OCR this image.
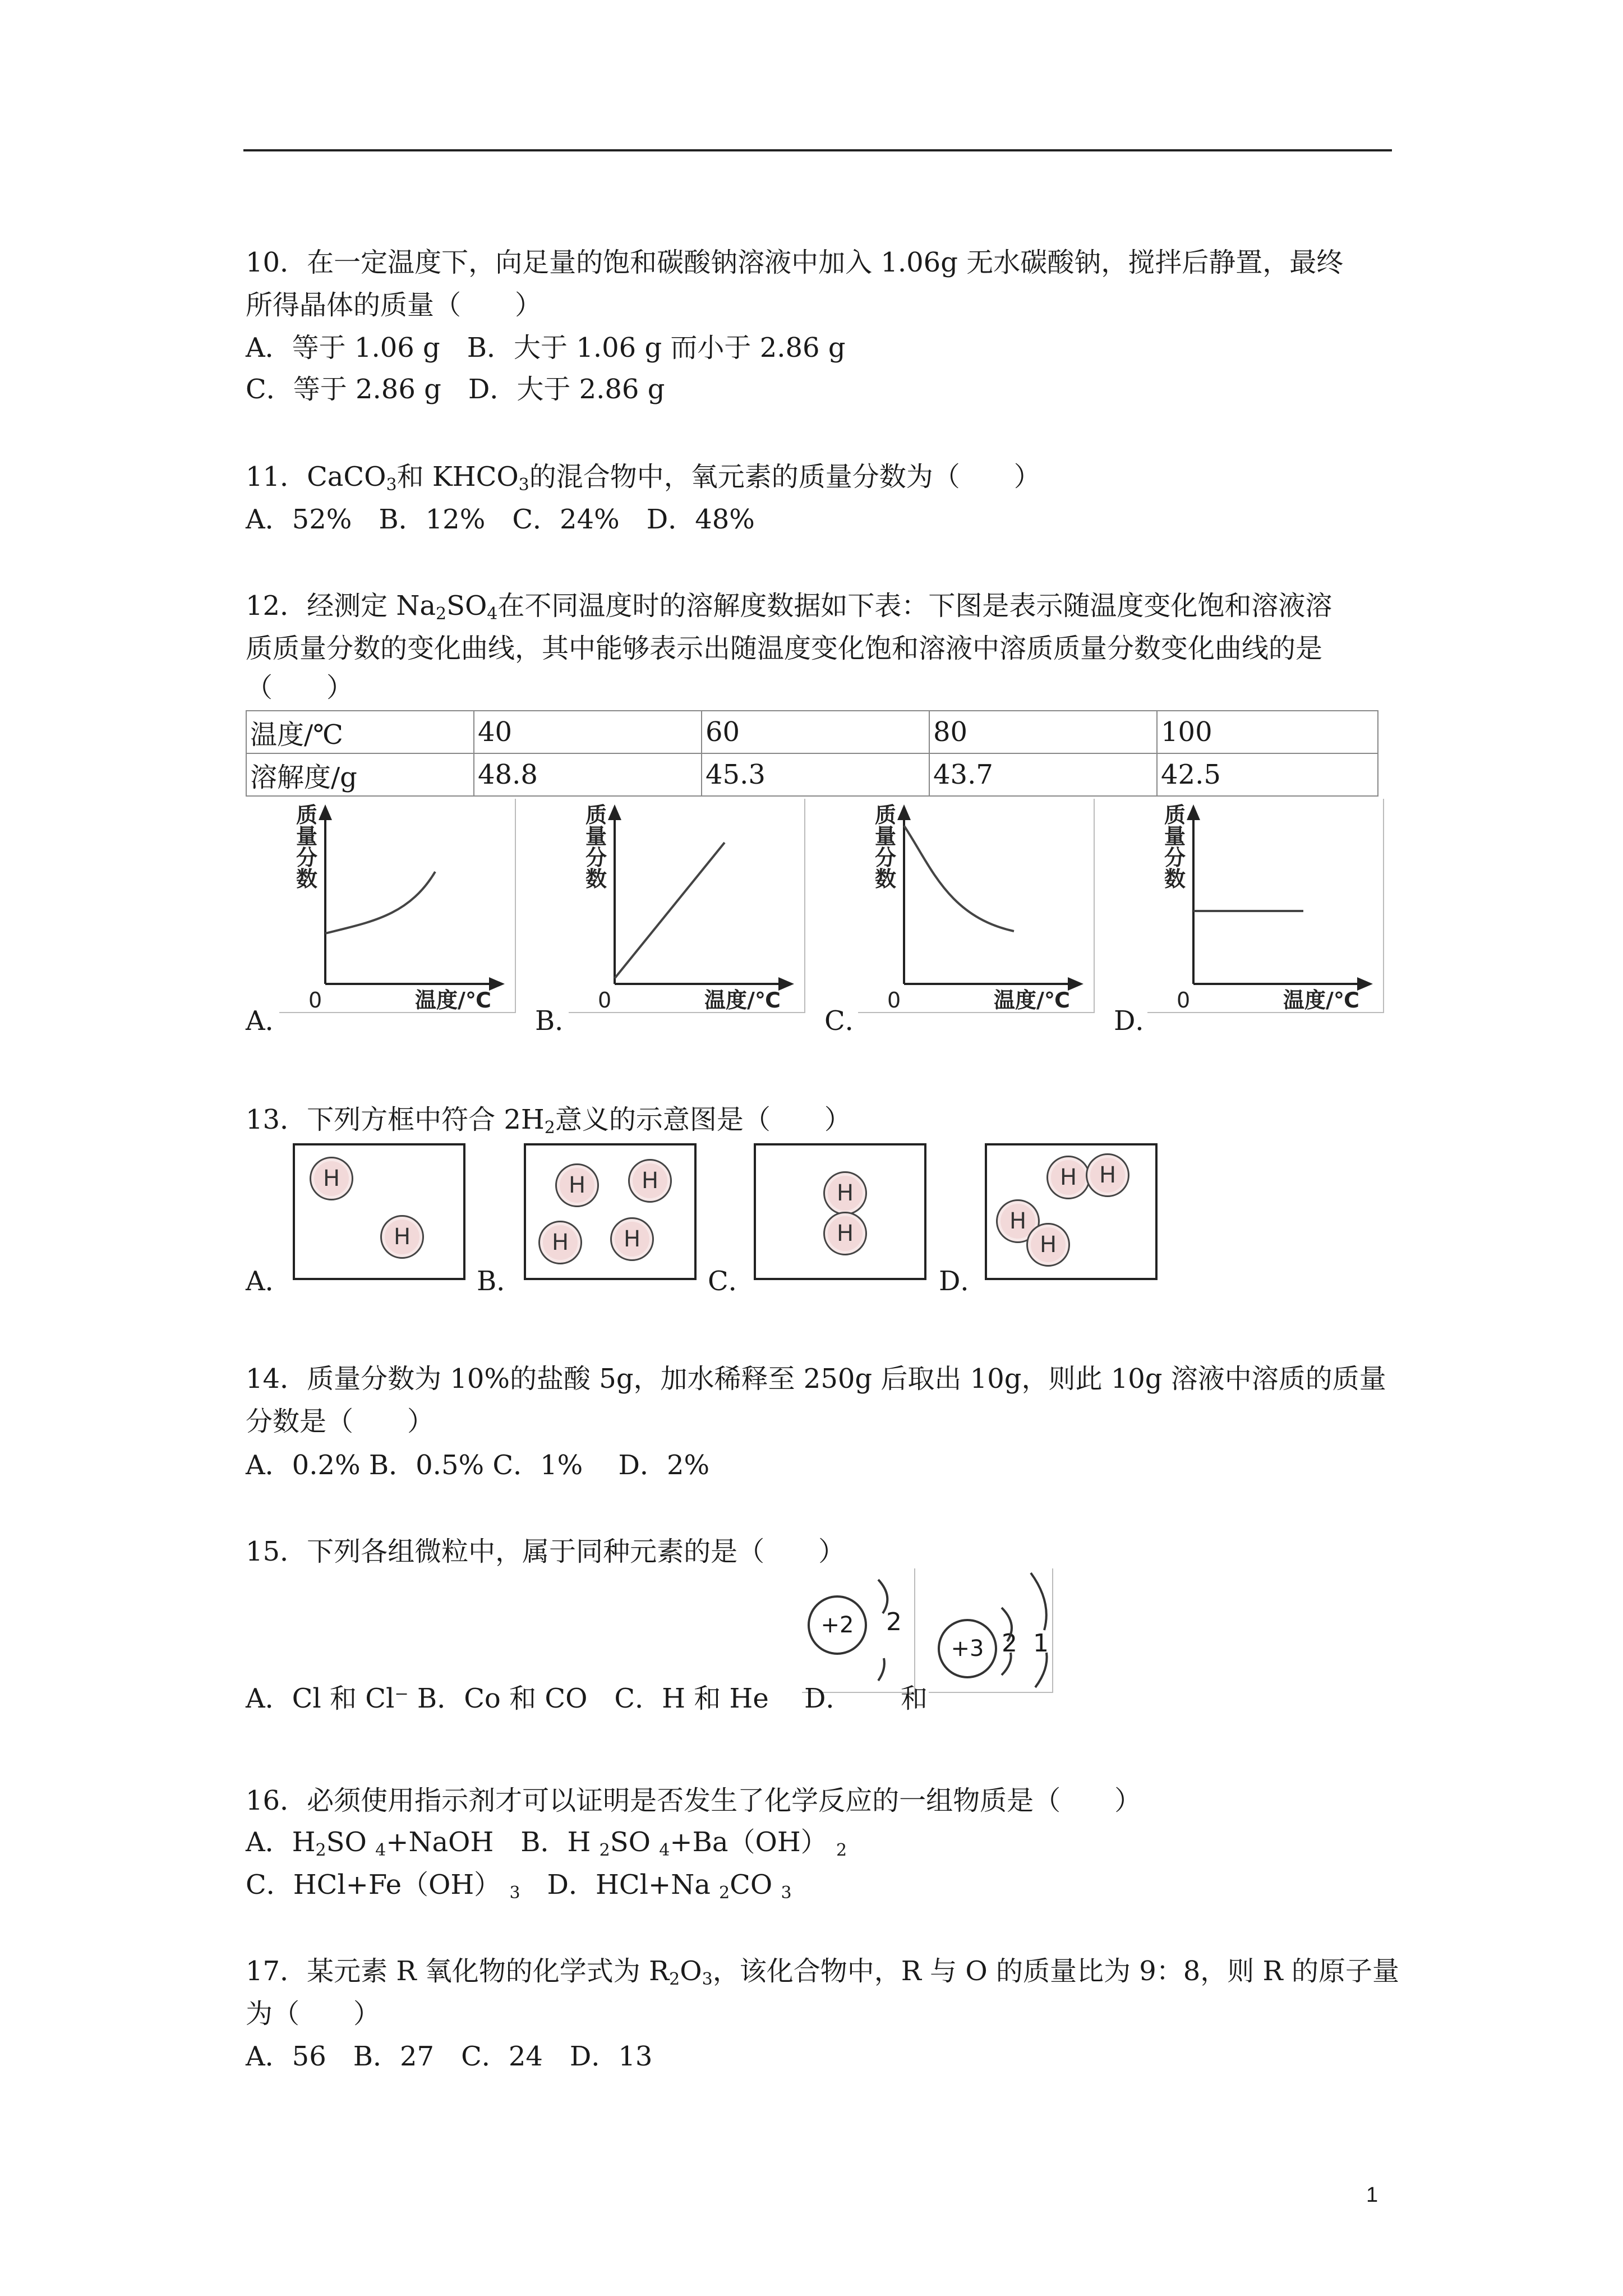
10．在一定温度下，向足量的饱和碳酸钠溶液中加入 1.06g 无水碳酸钠，搅拌后静置，最终
所得晶体的质量（　　）
A．等于 1.06 g　B．大于 1.06 g 而小于 2.86 g
C．等于 2.86 g　D．大于 2.86 g
11．CaCO$_3$和 $KHCO_3$的混合物中，氧元素的质量分数为（　　）
A．52%　B．12%　C．24%　D．48%
12．经测定 $Na_2SO_4$在不同温度时的溶解度数据如下表：下图是表示随温度变化饱和溶液溶
质质量分数的变化曲线，其中能够表示出随温度变化饱和溶液中溶质质量分数变化曲线的是
（　　）
温度/℃	40	60	80	100
溶解度/g	48.8	45.3	43.7	42.5
质
量
分
数
0	温度/℃
质
量
分
数
0	温度/℃
质
量
分
数
0	温度/℃
质
量
分
数
0	温度/℃
A．	B．	C．	D．
13．下列方框中符合 $2H_2$意义的示意图是（　　）
H
H
H	H
H	H
H
H
H H
H
H
A．	B．	C．	D．
14．质量分数为 10%的盐酸 5g，加水稀释至 250g 后取出 10g，则此 10g 溶液中溶质的质量
分数是（　　）
A．0.2% B．0.5% C．1%　 D．2%
15．下列各组微粒中，属于同种元素的是（　　）
+2	2
+3 2 1
A．Cl 和 Cl⁻ B．Co 和 CO　C．H 和 He　 D． 和
16．必须使用指示剂才可以证明是否发生了化学反应的一组物质是（　　）
A．$H_2SO$ $_4$+NaOH　B．H $_2$SO $_4$+Ba（OH） $_2$
C．HCl+Fe（OH） $_3$　D．HCl+Na $_2$CO $_3$
17．某元素 R 氧化物的化学式为 $R_2O_3$，该化合物中，R 与 O 的质量比为 9：8，则 R 的原子量
为（　　）
A．56　B．27　C．24　D．13
1
